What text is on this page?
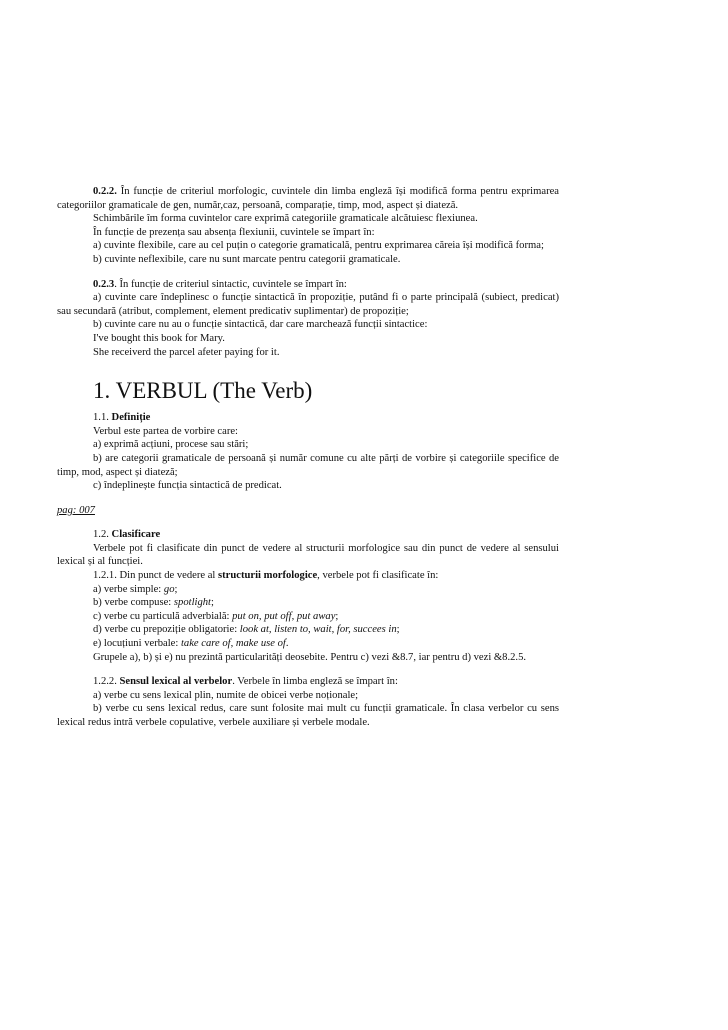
0.2.2. În funcție de criteriul morfologic, cuvintele din limba engleză își modifică forma pentru exprimarea categoriilor gramaticale de gen, număr,caz, persoană, comparație, timp, mod, aspect și diateză.

Schimbările îm forma cuvintelor care exprimă categoriile gramaticale alcătuiesc flexiunea.

În funcție de prezența sau absența flexiunii, cuvintele se împart în:

a) cuvinte flexibile, care au cel puțin o categorie gramaticală, pentru exprimarea căreia își modifică forma;

b) cuvinte neflexibile, care nu sunt marcate pentru categorii gramaticale.

0.2.3. În funcție de criteriul sintactic, cuvintele se împart în:

a) cuvinte care îndeplinesc o funcție sintactică în propoziție, putând fi o parte principală (subiect, predicat) sau secundară (atribut, complement, element predicativ suplimentar) de propoziție;

b) cuvinte care nu au o funcție sintactică, dar care marchează funcții sintactice:

I've bought this book for Mary.

She receiverd the parcel afeter paying for it.

1. VERBUL (The Verb)

1.1. Definiție

Verbul este partea de vorbire care:

a) exprimă acțiuni, procese sau stări;

b) are categorii gramaticale de persoană și număr comune cu alte părți de vorbire și categoriile specifice de timp, mod, aspect și diateză;

c) îndeplinește funcția sintactică de predicat.

pag: 007

1.2. Clasificare

Verbele pot fi clasificate din punct de vedere al structurii morfologice sau din punct de vedere al sensului lexical și al funcției.

1.2.1. Din punct de vedere al structurii morfologice, verbele pot fi clasificate în:

a) verbe simple: go;

b) verbe compuse: spotlight;

c) verbe cu particulă adverbială: put on, put off, put away;

d) verbe cu prepoziție obligatorie: look at, listen to, wait, for, succees in;

e) locuțiuni verbale: take care of, make use of.

Grupele a), b) și e) nu prezintă particularități deosebite. Pentru c) vezi &8.7, iar pentru d) vezi &8.2.5.

1.2.2. Sensul lexical al verbelor. Verbele în limba engleză se împart în:

a) verbe cu sens lexical plin, numite de obicei verbe noționale;

b) verbe cu sens lexical redus, care sunt folosite mai mult cu funcții gramaticale. În clasa verbelor cu sens lexical redus intră verbele copulative, verbele auxiliare și verbele modale.
